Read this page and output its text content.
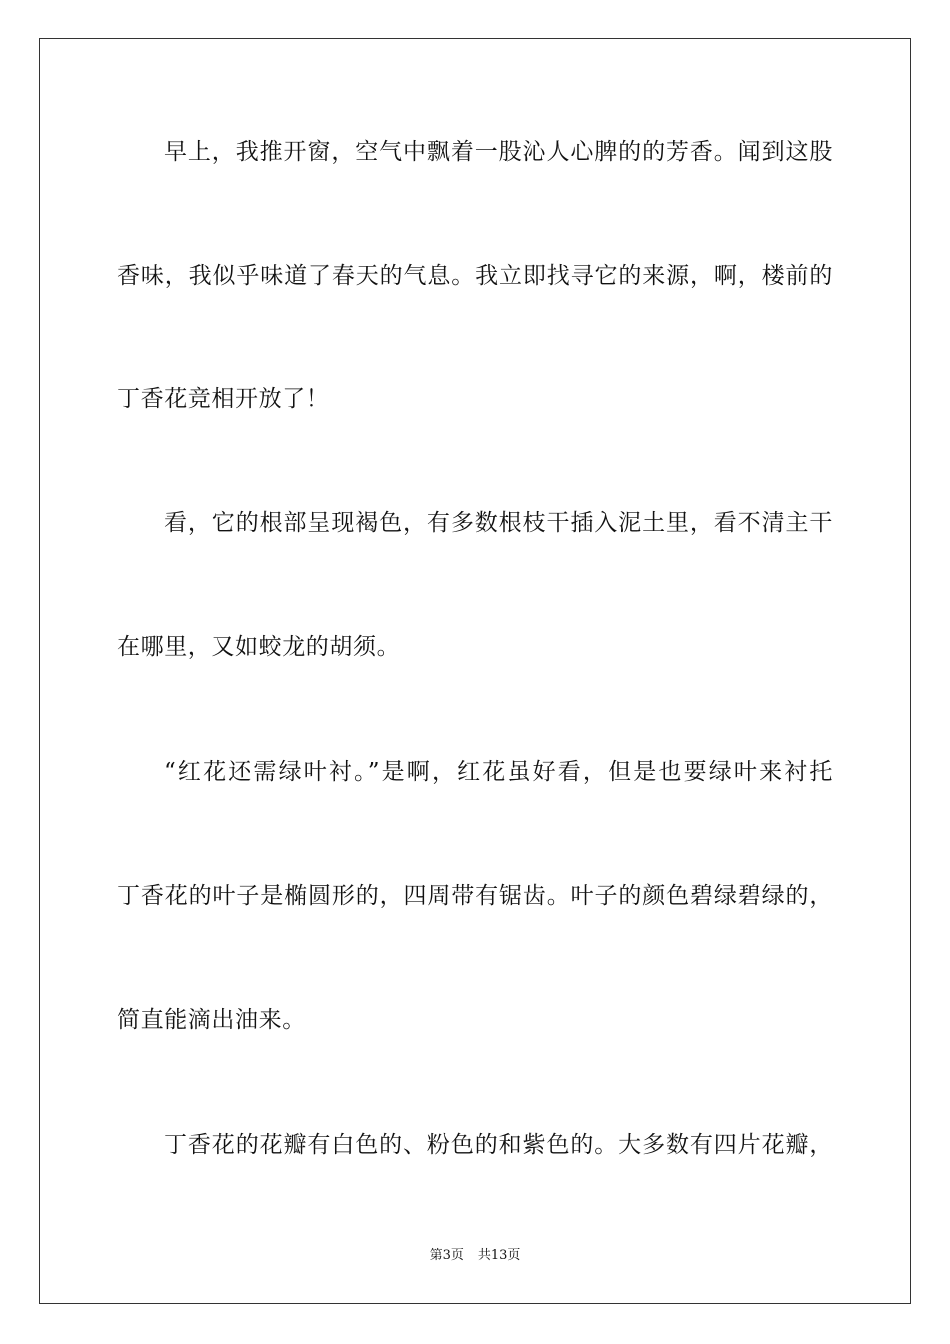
早上，我推开窗，空气中飘着一股沁人心脾的的芳香。闻到这股
香味，我似乎味道了春天的气息。我立即找寻它的来源，啊，楼前的
丁香花竞相开放了！
看，它的根部呈现褐色，有多数根枝干插入泥土里，看不清主干
在哪里，又如蛟龙的胡须。
“红花还需绿叶衬。”是啊，红花虽好看，但是也要绿叶来衬托
丁香花的叶子是椭圆形的，四周带有锯齿。叶子的颜色碧绿碧绿的，
简直能滴出油来。
丁香花的花瓣有白色的、粉色的和紫色的。大多数有四片花瓣，
第3页 共13页
